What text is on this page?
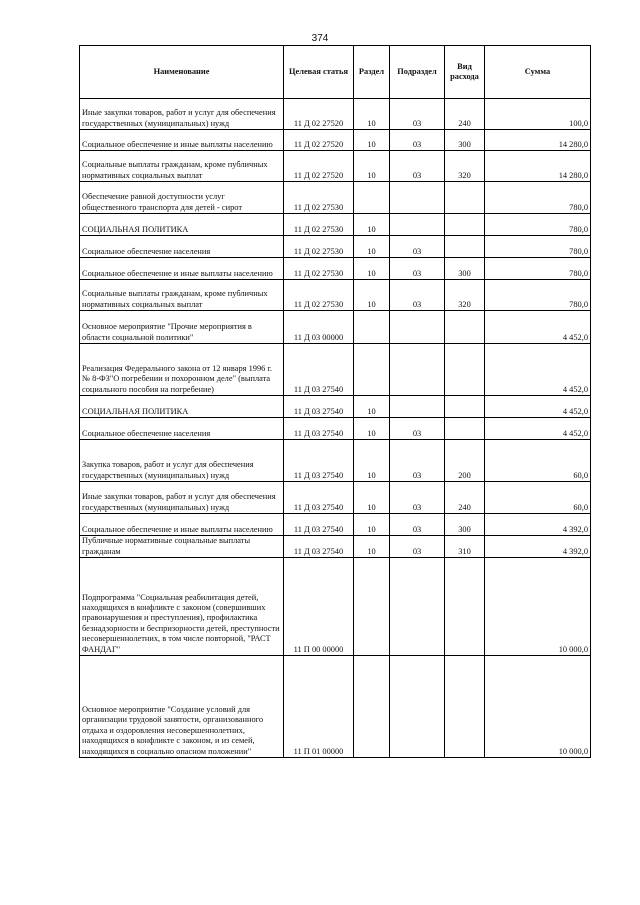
374
Наименование	Целевая статья	Раздел	Подраздел	Вид расхода	Сумма
Иные закупки товаров, работ и услуг для обеспечения государственных (муниципальных) нужд	11 Д 02 27520	10	03	240	100,0
Социальное обеспечение и иные выплаты населению	11 Д 02 27520	10	03	300	14 280,0
Социальные выплаты гражданам, кроме публичных нормативных социальных выплат	11 Д 02 27520	10	03	320	14 280,0
Обеспечение равной доступности услуг общественного транспорта для детей - сирот	11 Д 02 27530				780,0
СОЦИАЛЬНАЯ ПОЛИТИКА	11 Д 02 27530	10			780,0
Социальное обеспечение населения	11 Д 02 27530	10	03		780,0
Социальное обеспечение и иные выплаты населению	11 Д 02 27530	10	03	300	780,0
Социальные выплаты гражданам, кроме публичных нормативных социальных выплат	11 Д 02 27530	10	03	320	780,0
Основное мероприятие "Прочие мероприятия в области социальной политики"	11 Д 03 00000				4 452,0
Реализация Федерального закона от 12 января 1996 г. № 8-ФЗ"О погребении и похоронном деле" (выплата социального пособия на погребение)	11 Д 03 27540				4 452,0
СОЦИАЛЬНАЯ ПОЛИТИКА	11 Д 03 27540	10			4 452,0
Социальное обеспечение населения	11 Д 03 27540	10	03		4 452,0
Закупка товаров, работ и услуг для обеспечения государственных (муниципальных) нужд	11 Д 03 27540	10	03	200	60,0
Иные закупки товаров, работ и услуг для обеспечения государственных (муниципальных) нужд	11 Д 03 27540	10	03	240	60,0
Социальное обеспечение и иные выплаты населению	11 Д 03 27540	10	03	300	4 392,0
Публичные нормативные социальные выплаты гражданам	11 Д 03 27540	10	03	310	4 392,0
Подпрограмма "Социальная реабилитация детей, находящихся в конфликте с законом (совершивших правонарушения и преступления), профилактика безнадзорности и беспризорности детей, преступности несовершеннолетних, в том числе повторной, "РАСТ ФАНДАГ"	11 П 00 00000				10 000,0
Основное мероприятие "Создание условий для организации трудовой занятости, организованного отдыха и оздоровления несовершеннолетних, находящихся в конфликте с законом, и из семей, находящихся в социально опасном положении"	11 П 01 00000				10 000,0
